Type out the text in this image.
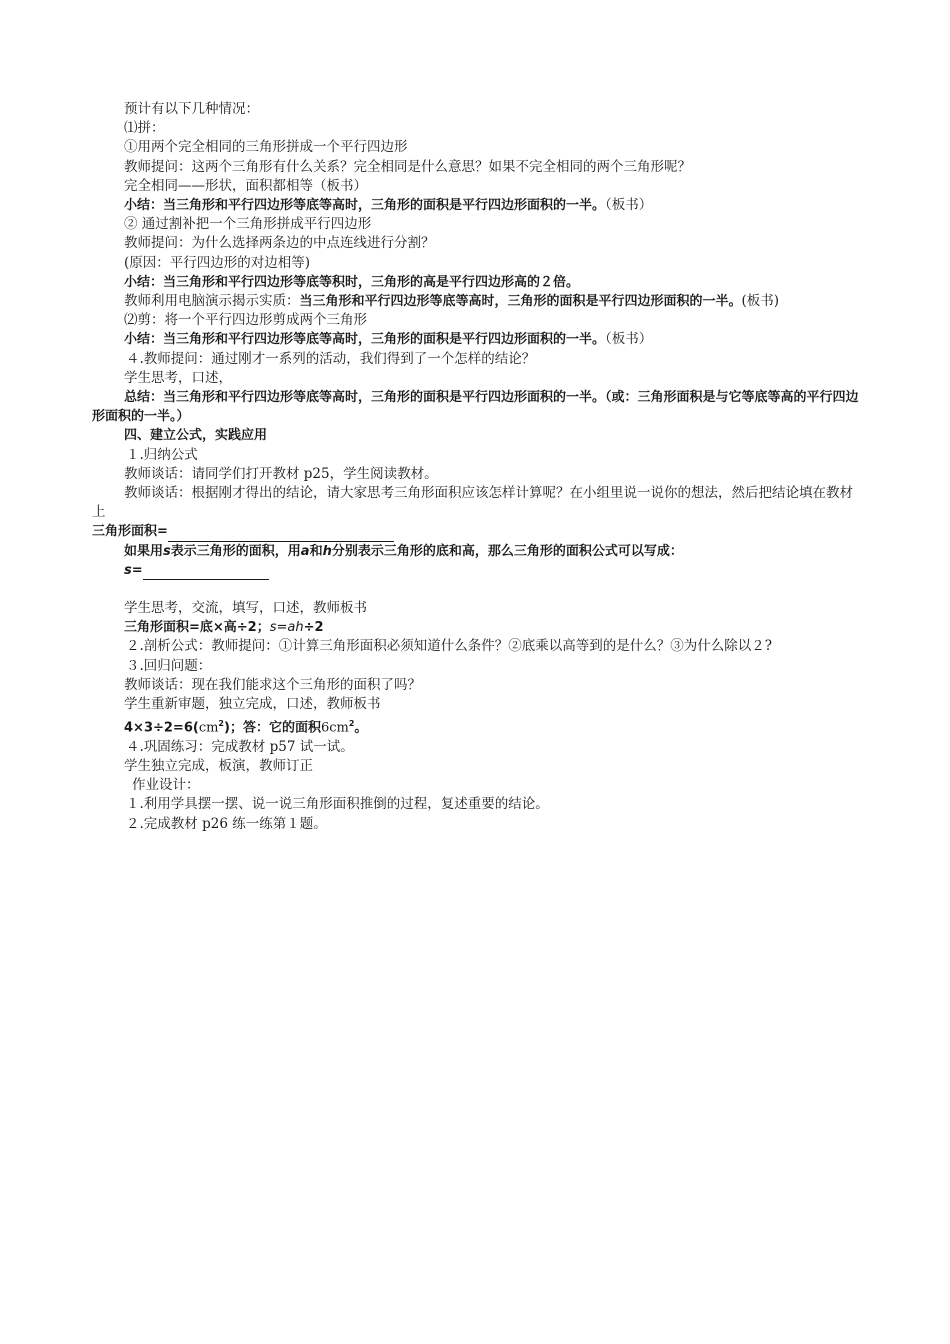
预计有以下几种情况：
⑴拼：
①用两个完全相同的三角形拼成一个平行四边形
教师提问：这两个三角形有什么关系？完全相同是什么意思？如果不完全相同的两个三角形呢？
完全相同——形状，面积都相等（板书）
小结：当三角形和平行四边形等底等高时，三角形的面积是平行四边形面积的一半。（板书）
② 通过割补把一个三角形拼成平行四边形
教师提问：为什么选择两条边的中点连线进行分割？
(原因：平行四边形的对边相等)
小结：当三角形和平行四边形等底等积时，三角形的高是平行四边形高的２倍。
教师利用电脑演示揭示实质：当三角形和平行四边形等底等高时，三角形的面积是平行四边形面积的一半。(板书)
⑵剪：将一个平行四边形剪成两个三角形
小结：当三角形和平行四边形等底等高时，三角形的面积是平行四边形面积的一半。（板书）
４.教师提问：通过刚才一系列的活动，我们得到了一个怎样的结论？
学生思考，口述，
总结：当三角形和平行四边形等底等高时，三角形的面积是平行四边形面积的一半。（或：三角形面积是与它等底等高的平行四边形面积的一半。）
四、建立公式，实践应用
１.归纳公式
教师谈话：请同学们打开教材 p25，学生阅读教材。
教师谈话：根据刚才得出的结论，请大家思考三角形面积应该怎样计算呢？在小组里说一说你的想法，然后把结论填在教材上
三角形面积=
如果用s表示三角形的面积，用a和h分别表示三角形的底和高，那么三角形的面积公式可以写成：
s=
学生思考，交流，填写，口述，教师板书
三角形面积=底×高÷2；s=ah÷2
２.剖析公式：教师提问：①计算三角形面积必须知道什么条件？②底乘以高等到的是什么？③为什么除以２?
３.回归问题：
教师谈话：现在我们能求这个三角形的面积了吗？
学生重新审题，独立完成，口述，教师板书
$4\times 3\div 2=6(cm^2)$；答：它的面积$6cm^2$。
４.巩固练习：完成教材 p57 试一试。
学生独立完成，板演，教师订正
作业设计：
１.利用学具摆一摆、说一说三角形面积推倒的过程，复述重要的结论。
２.完成教材 p26 练一练第１题。
